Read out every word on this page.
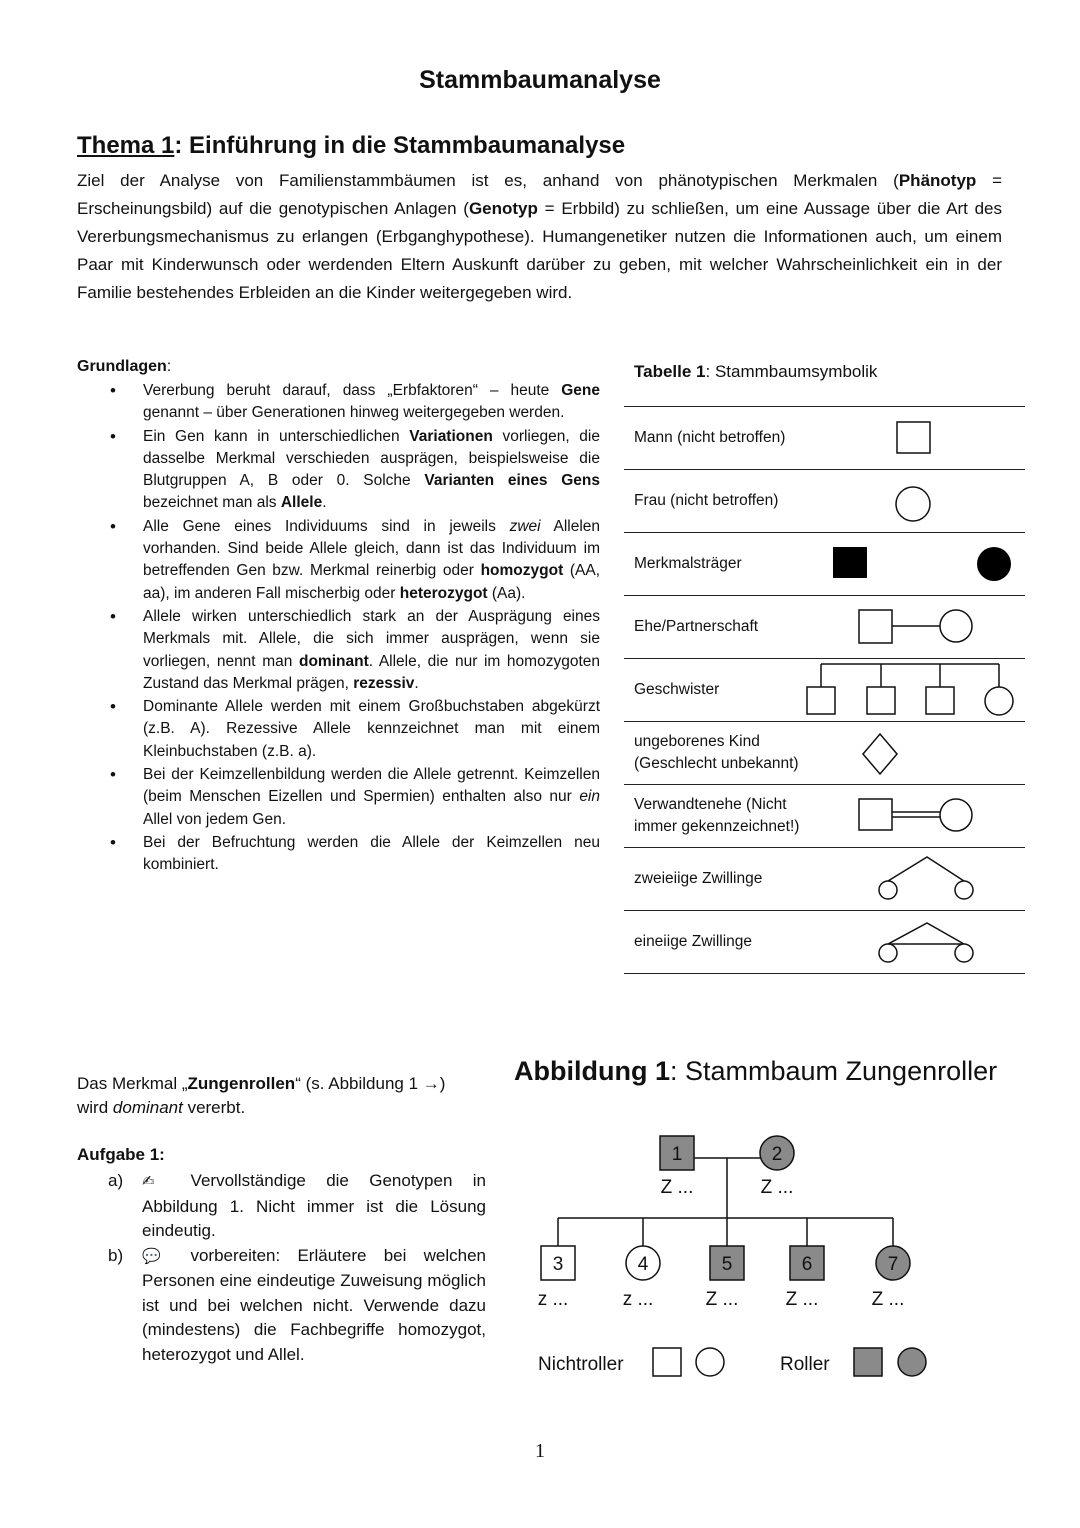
Stammbaumanalyse
Thema 1: Einführung in die Stammbaumanalyse
Ziel der Analyse von Familienstammbäumen ist es, anhand von phänotypischen Merkmalen (Phänotyp = Erscheinungsbild) auf die genotypischen Anlagen (Genotyp = Erbbild) zu schließen, um eine Aussage über die Art des Vererbungsmechanismus zu erlangen (Erbganghypothese). Humangenetiker nutzen die Informationen auch, um einem Paar mit Kinderwunsch oder werdenden Eltern Auskunft darüber zu geben, mit welcher Wahrscheinlichkeit ein in der Familie bestehendes Erbleiden an die Kinder weitergegeben wird.
Grundlagen:
• Vererbung beruht darauf, dass „Erbfaktoren“ – heute Gene genannt – über Generationen hinweg weitergegeben werden.
• Ein Gen kann in unterschiedlichen Variationen vorliegen, die dasselbe Merkmal verschieden ausprägen, beispielsweise die Blutgruppen A, B oder 0. Solche Varianten eines Gens bezeichnet man als Allele.
• Alle Gene eines Individuums sind in jeweils zwei Allelen vorhanden. Sind beide Allele gleich, dann ist das Individuum im betreffenden Gen bzw. Merkmal reinerbig oder homozygot (AA, aa), im anderen Fall mischerbig oder heterozygot (Aa).
• Allele wirken unterschiedlich stark an der Ausprägung eines Merkmals mit. Allele, die sich immer ausprägen, wenn sie vorliegen, nennt man dominant. Allele, die nur im homozygoten Zustand das Merkmal prägen, rezessiv.
• Dominante Allele werden mit einem Großbuchstaben abgekürzt (z.B. A). Rezessive Allele kennzeichnet man mit einem Kleinbuchstaben (z.B. a).
• Bei der Keimzellenbildung werden die Allele getrennt. Keimzellen (beim Menschen Eizellen und Spermien) enthalten also nur ein Allel von jedem Gen.
• Bei der Befruchtung werden die Allele der Keimzellen neu kombiniert.
Tabelle 1: Stammbaumsymbolik
Mann (nicht betroffen)
Frau (nicht betroffen)
Merkmalsträger
Ehe/Partnerschaft
Geschwister
ungeborenes Kind (Geschlecht unbekannt)
Verwandtenehe (Nicht immer gekennzeichnet!)
zweieiige Zwillinge
eineiige Zwillinge
Das Merkmal „Zungenrollen“ (s. Abbildung 1 →)
wird dominant vererbt.
Aufgabe 1:
a) ✍ Vervollständige die Genotypen in Abbildung 1. Nicht immer ist die Lösung eindeutig.
b) 💬 vorbereiten: Erläutere bei welchen Personen eine eindeutige Zuweisung möglich ist und bei welchen nicht. Verwende dazu (mindestens) die Fachbegriffe homozygot, heterozygot und Allel.
Abbildung 1: Stammbaum Zungenroller
1
Z ...
2
Z ...
3
z ...
4
z ...
5
Z ...
6
Z ...
7
Z ...
Nichtroller	Roller
1
